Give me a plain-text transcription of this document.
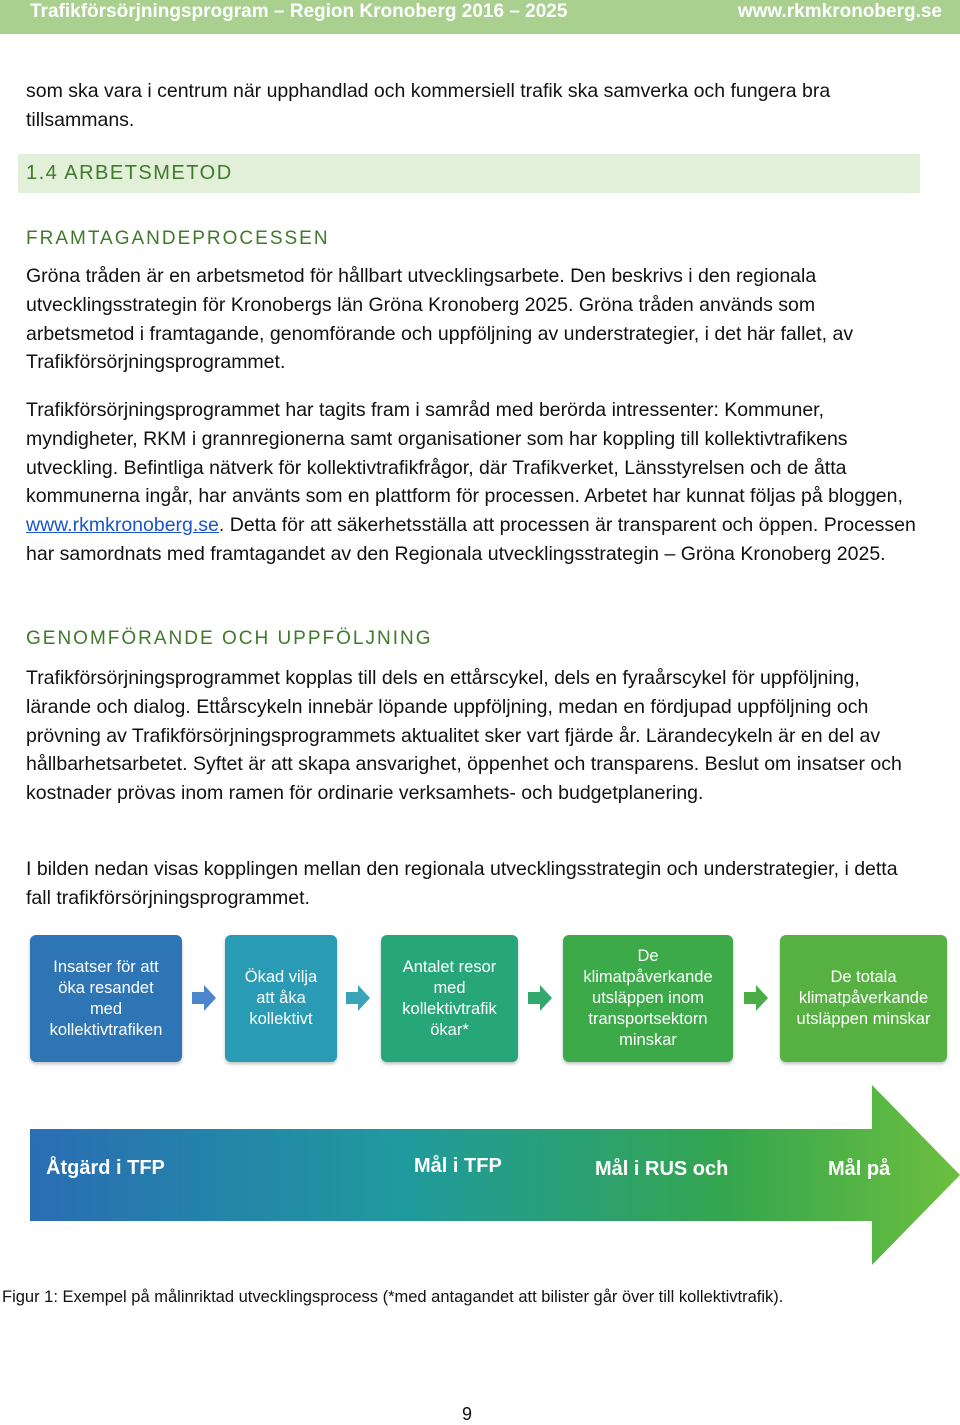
Trafikförsörjningsprogram – Region Kronoberg 2016 – 2025	www.rkmkronoberg.se

som ska vara i centrum när upphandlad och kommersiell trafik ska samverka och fungera bra tillsammans.

1.4 ARBETSMETOD
FRAMTAGANDEPROCESSEN

Gröna tråden är en arbetsmetod för hållbart utvecklingsarbete. Den beskrivs i den regionala utvecklingsstrategin för Kronobergs län Gröna Kronoberg 2025. Gröna tråden används som arbetsmetod i framtagande, genomförande och uppföljning av understrategier, i det här fallet, av Trafikförsörjningsprogrammet.

Trafikförsörjningsprogrammet har tagits fram i samråd med berörda intressenter: Kommuner, myndigheter, RKM i grannregionerna samt organisationer som har koppling till kollektivtrafikens utveckling. Befintliga nätverk för kollektivtrafikfrågor, där Trafikverket, Länsstyrelsen och de åtta kommunerna ingår, har använts som en plattform för processen. Arbetet har kunnat följas på bloggen, www.rkmkronoberg.se. Detta för att säkerhetsställa att processen är transparent och öppen. Processen har samordnats med framtagandet av den Regionala utvecklingsstrategin – Gröna Kronoberg 2025.

GENOMFÖRANDE OCH UPPFÖLJNING

Trafikförsörjningsprogrammet kopplas till dels en ettårscykel, dels en fyraårscykel för uppföljning, lärande och dialog. Ettårscykeln innebär löpande uppföljning, medan en fördjupad uppföljning och prövning av Trafikförsörjningsprogrammets aktualitet sker vart fjärde år. Lärandecykeln är en del av hållbarhetsarbetet. Syftet är att skapa ansvarighet, öppenhet och transparens. Beslut om insatser och kostnader prövas inom ramen för ordinarie verksamhets- och budgetplanering.

I bilden nedan visas kopplingen mellan den regionala utvecklingsstrategin och understrategier, i detta fall trafikförsörjningsprogrammet.

Insatser för att
öka resandet
med
kollektivtrafiken
Ökad vilja
att åka
kollektivt
Antalet resor
med
kollektivtrafik
ökar*
De
klimatpåverkande
utsläppen inom
transportsektorn
minskar
De totala
klimatpåverkande
utsläppen minskar
Åtgärd i TFP	Mål i TFP	Mål i RUS och	Mål på
Figur 1: Exempel på målinriktad utvecklingsprocess (*med antagandet att bilister går över till kollektivtrafik).
9
